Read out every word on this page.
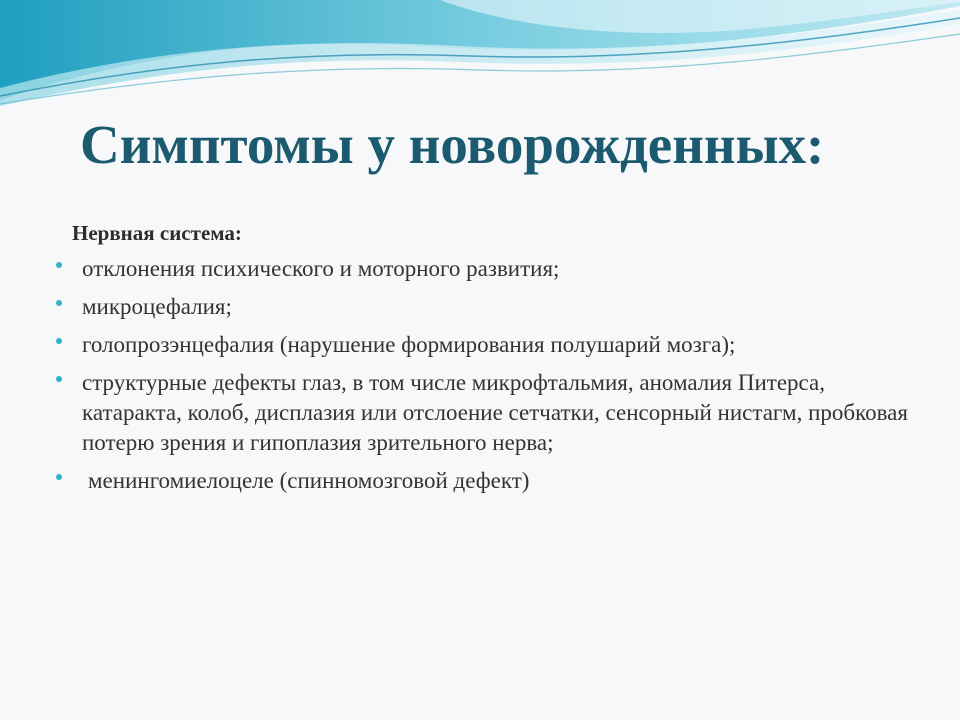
Симптомы у новорожденных:
Нервная система:
отклонения психического и моторного развития;
микроцефалия;
голопрозэнцефалия (нарушение формирования полушарий мозга);
структурные дефекты глаз, в том числе микрофтальмия, аномалия Питерса, катаракта, колоб, дисплазия или отслоение сетчатки, сенсорный нистагм, пробковая потерю зрения и гипоплазия зрительного нерва;
менингомиелоцеле (спинномозговой дефект)
